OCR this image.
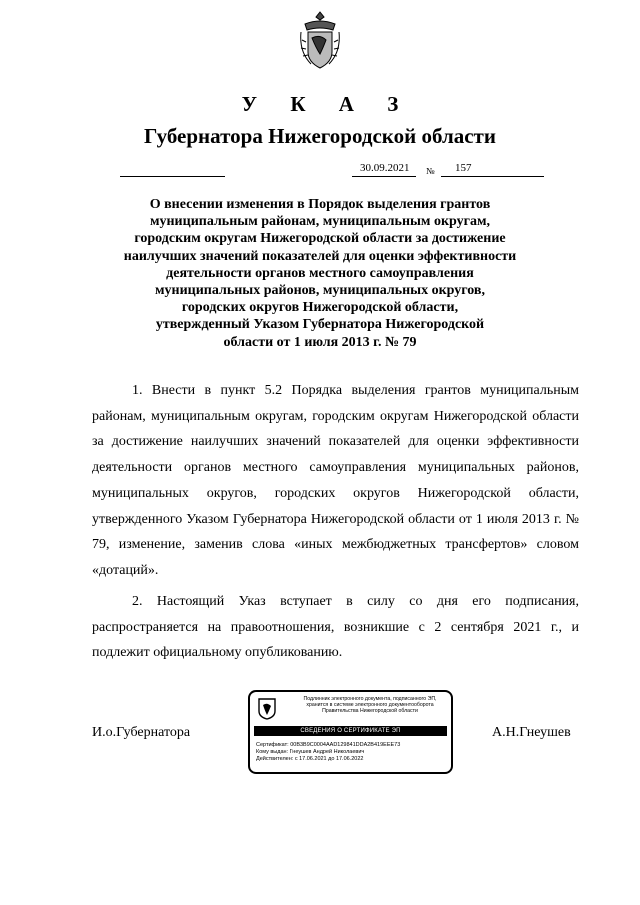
У К А З
Губернатора Нижегородской области
30.09.2021 № 157
О внесении изменения в Порядок выделения грантов
муниципальным районам, муниципальным округам,
городским округам Нижегородской области за достижение
наилучших значений показателей для оценки эффективности
деятельности органов местного самоуправления
муниципальных районов, муниципальных округов,
городских округов Нижегородской области,
утвержденный Указом Губернатора Нижегородской
области от 1 июля 2013 г. № 79

1. Внести в пункт 5.2 Порядка выделения грантов муниципальным районам, муниципальным округам, городским округам Нижегородской области за достижение наилучших значений показателей для оценки эффективности деятельности органов местного самоуправления муниципальных районов, муниципальных округов, городских округов Нижегородской области, утвержденного Указом Губернатора Нижегородской области от 1 июля 2013 г. № 79, изменение, заменив слова «иных межбюджетных трансфертов» словом «дотаций».

2. Настоящий Указ вступает в силу со дня его подписания, распространяется на правоотношения, возникшие с 2 сентября 2021 г., и подлежит официальному опубликованию.

И.о.Губернатора	А.Н.Гнеушев
Подлинник электронного документа, подписанного ЭП,
хранится в системе электронного документооборота
Правительства Нижегородской области
СВЕДЕНИЯ О СЕРТИФИКАТЕ ЭП
Сертификат: 00B3B9C0004AAD129841DDA2B419EEE73
Кому выдан: Гнеушев Андрей Николаевич
Действителен: с 17.06.2021 до 17.06.2022
